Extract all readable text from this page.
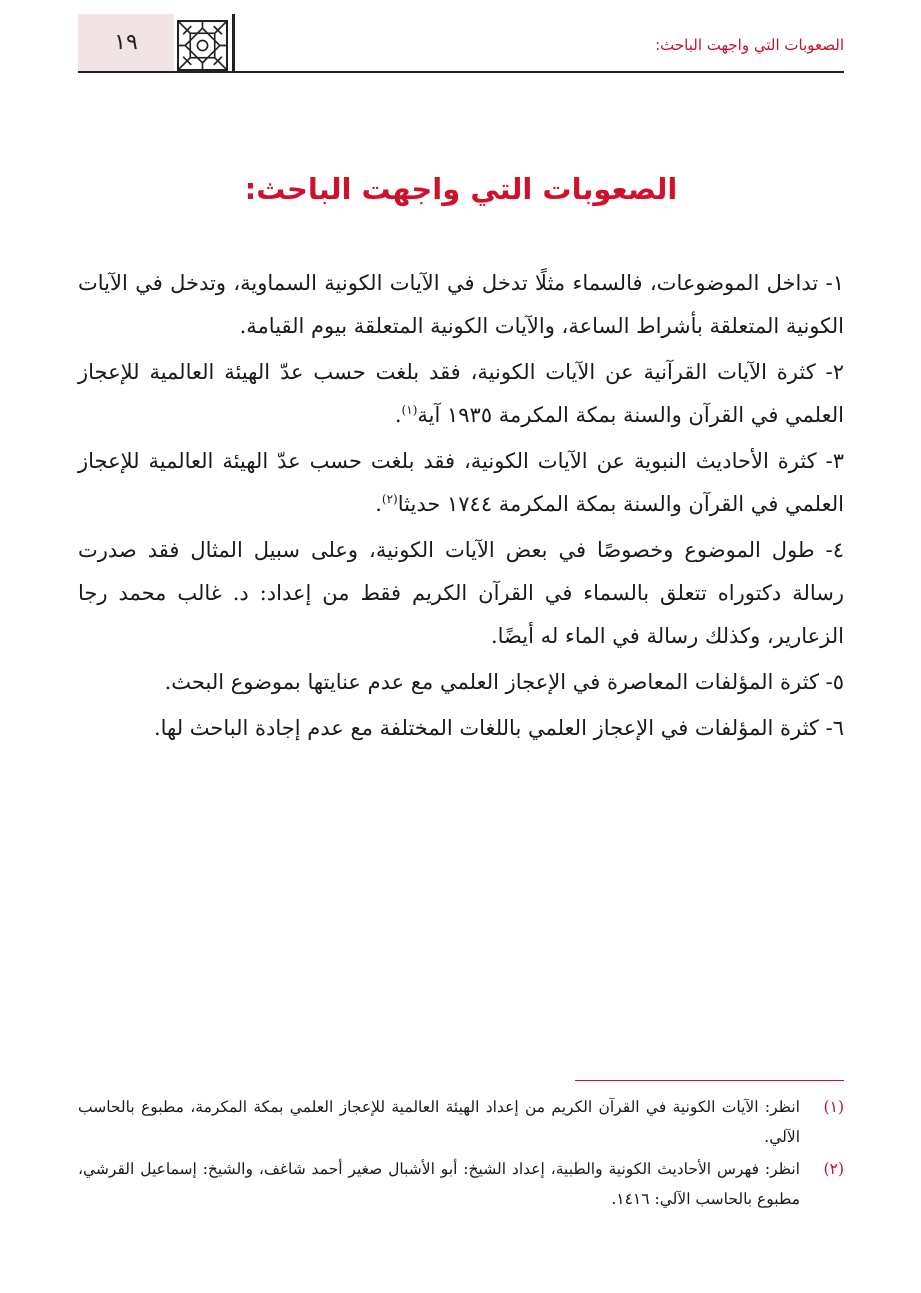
١٩	الصعوبات التي واجهت الباحث:
الصعوبات التي واجهت الباحث:

١- تداخل الموضوعات، فالسماء مثلًا تدخل في الآيات الكونية السماوية، وتدخل في الآيات الكونية المتعلقة بأشراط الساعة، والآيات الكونية المتعلقة بيوم القيامة.

٢- كثرة الآيات القرآنية عن الآيات الكونية، فقد بلغت حسب عدّ الهيئة العالمية للإعجاز العلمي في القرآن والسنة بمكة المكرمة ١٩٣٥ آية$^{(١)}$.

٣- كثرة الأحاديث النبوية عن الآيات الكونية، فقد بلغت حسب عدّ الهيئة العالمية للإعجاز العلمي في القرآن والسنة بمكة المكرمة ١٧٤٤ حديثا$^{(٢)}$.

٤- طول الموضوع وخصوصًا في بعض الآيات الكونية، وعلى سبيل المثال فقد صدرت رسالة دكتوراه تتعلق بالسماء في القرآن الكريم فقط من إعداد: د. غالب محمد رجا الزعارير، وكذلك رسالة في الماء له أيضًا.

٥- كثرة المؤلفات المعاصرة في الإعجاز العلمي مع عدم عنايتها بموضوع البحث.

٦- كثرة المؤلفات في الإعجاز العلمي باللغات المختلفة مع عدم إجادة الباحث لها.

(١)انظر: الآيات الكونية في القرآن الكريم من إعداد الهيئة العالمية للإعجاز العلمي بمكة المكرمة، مطبوع بالحاسب الآلي.

(٢)انظر: فهرس الأحاديث الكونية والطبية، إعداد الشيخ: أبو الأشبال صغير أحمد شاغف، والشيخ: إسماعيل القرشي، مطبوع بالحاسب الآلي: ١٤١٦.
